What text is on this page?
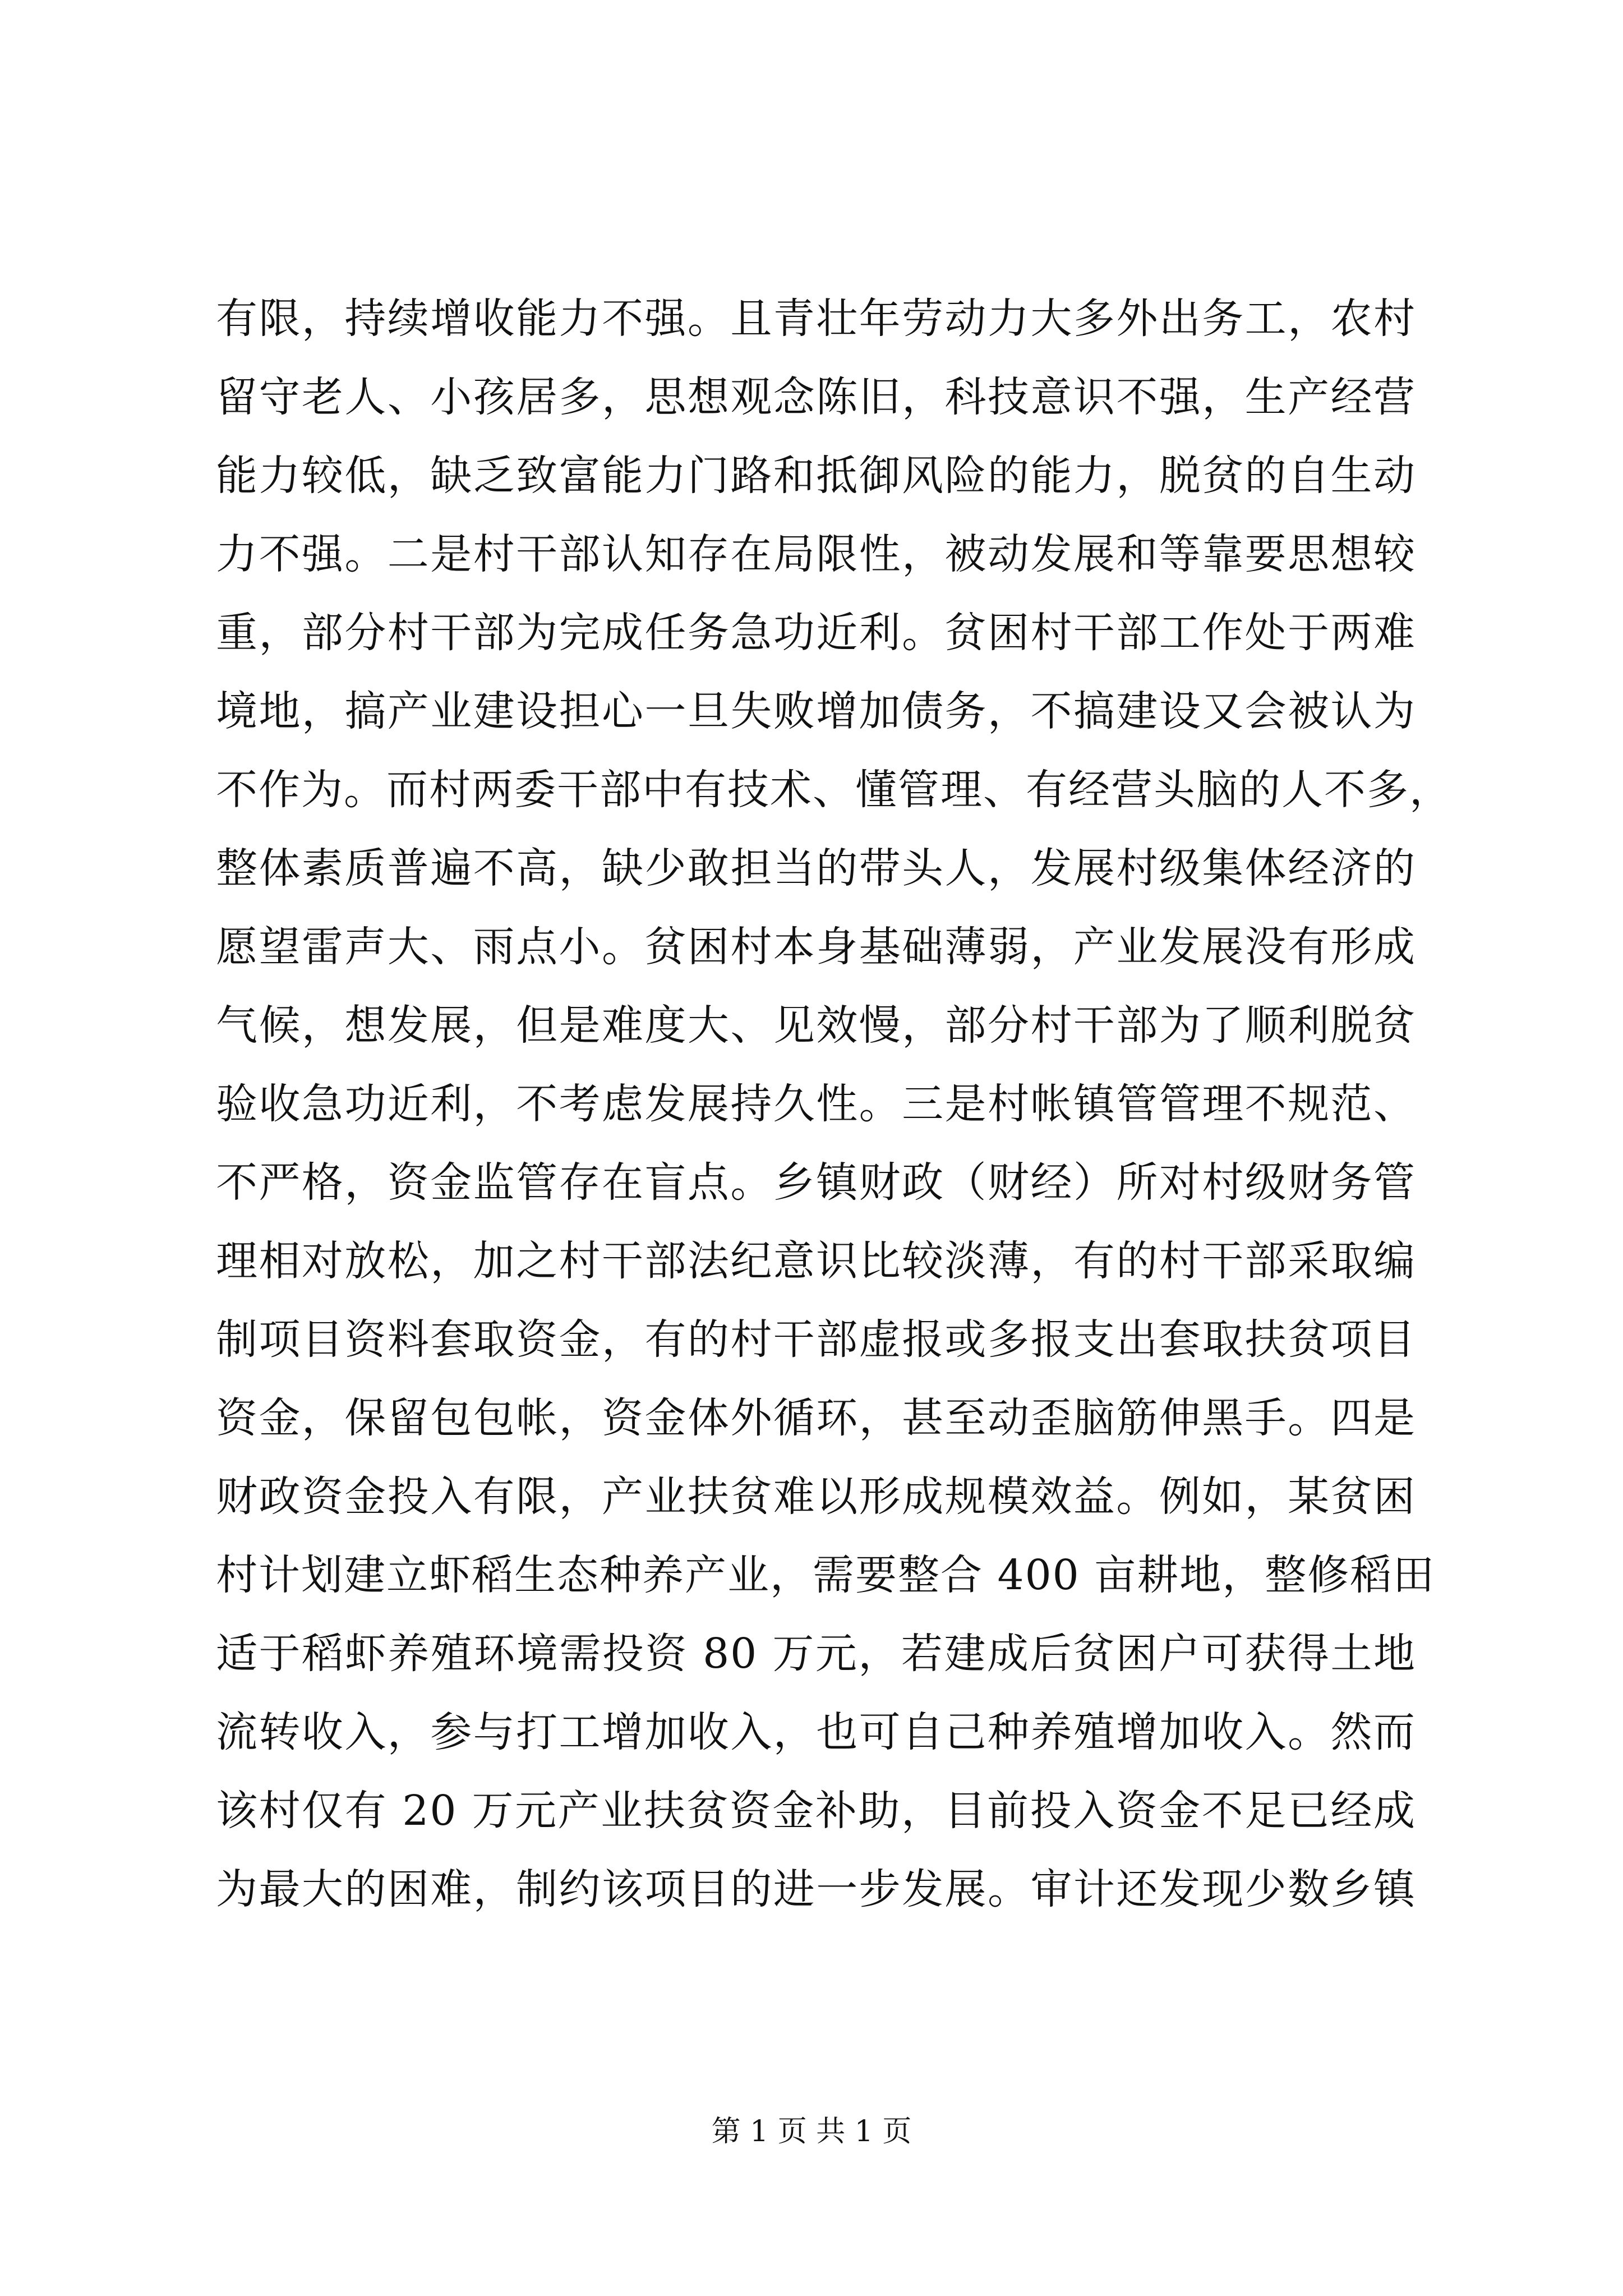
有限，持续增收能力不强。且青壮年劳动力大多外出务工，农村
留守老人、小孩居多，思想观念陈旧，科技意识不强，生产经营
能力较低，缺乏致富能力门路和抵御风险的能力，脱贫的自生动
力不强。二是村干部认知存在局限性，被动发展和等靠要思想较
重，部分村干部为完成任务急功近利。贫困村干部工作处于两难
境地，搞产业建设担心一旦失败增加债务，不搞建设又会被认为
不作为。而村两委干部中有技术、懂管理、有经营头脑的人不多，
整体素质普遍不高，缺少敢担当的带头人，发展村级集体经济的
愿望雷声大、雨点小。贫困村本身基础薄弱，产业发展没有形成
气候，想发展，但是难度大、见效慢，部分村干部为了顺利脱贫
验收急功近利，不考虑发展持久性。三是村帐镇管管理不规范、
不严格，资金监管存在盲点。乡镇财政（财经）所对村级财务管
理相对放松，加之村干部法纪意识比较淡薄，有的村干部采取编
制项目资料套取资金，有的村干部虚报或多报支出套取扶贫项目
资金，保留包包帐，资金体外循环，甚至动歪脑筋伸黑手。四是
财政资金投入有限，产业扶贫难以形成规模效益。例如，某贫困
村计划建立虾稻生态种养产业，需要整合 400 亩耕地，整修稻田
适于稻虾养殖环境需投资 80 万元，若建成后贫困户可获得土地
流转收入，参与打工增加收入，也可自己种养殖增加收入。然而
该村仅有 20 万元产业扶贫资金补助，目前投入资金不足已经成
为最大的困难，制约该项目的进一步发展。审计还发现少数乡镇
第 1 页 共 1 页
